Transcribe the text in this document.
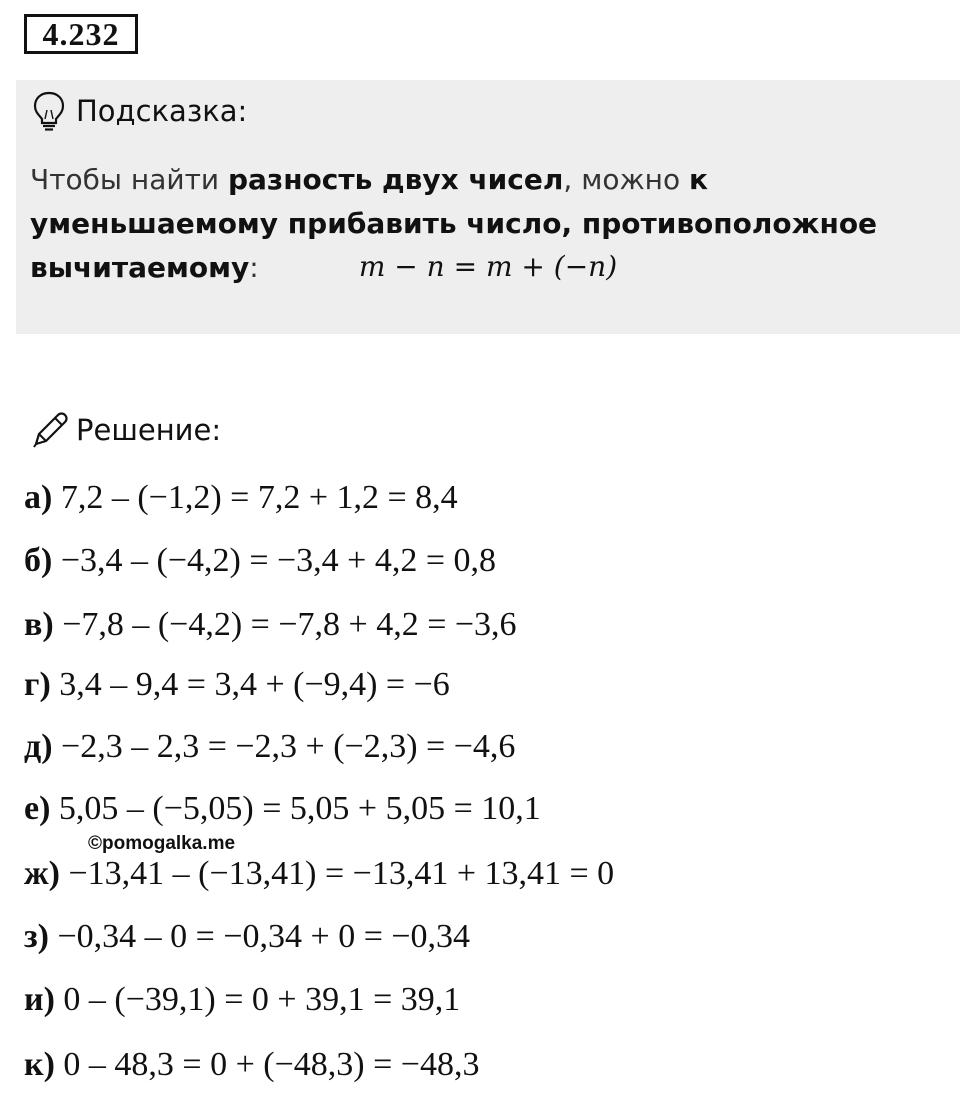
4.232
Подсказка:
Чтобы найти разность двух чисел, можно к уменьшаемому прибавить число, противоположное вычитаемому:	m − n = m + (−n)
Решение:
а) 7,2 – (−1,2) = 7,2 + 1,2 = 8,4
б) −3,4 – (−4,2) = −3,4 + 4,2 = 0,8
в) −7,8 – (−4,2) = −7,8 + 4,2 = −3,6
г) 3,4 – 9,4 = 3,4 + (−9,4) = −6
д) −2,3 – 2,3 = −2,3 + (−2,3) = −4,6
е) 5,05 – (−5,05) = 5,05 + 5,05 = 10,1
©pomogalka.me
ж) −13,41 – (−13,41) = −13,41 + 13,41 = 0
з) −0,34 – 0 = −0,34 + 0 = −0,34
и) 0 – (−39,1) = 0 + 39,1 = 39,1
к) 0 – 48,3 = 0 + (−48,3) = −48,3
